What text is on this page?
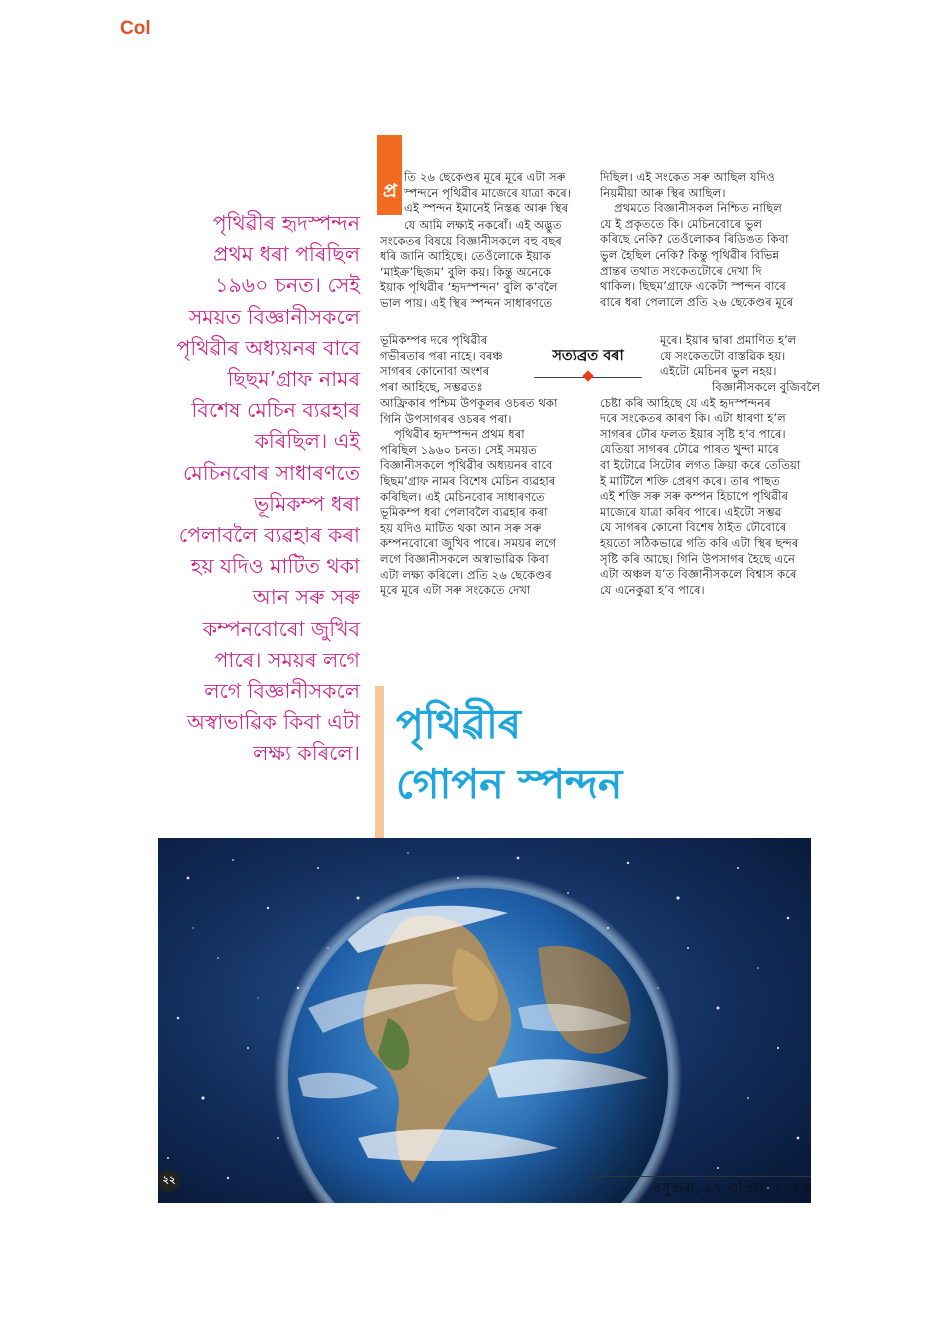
Col
পৃথিৱীৰ হৃদস্পন্দন
প্ৰথম ধৰা পৰিছিল
১৯৬০ চনত। সেই
সময়ত বিজ্ঞানীসকলে
পৃথিৱীৰ অধ্যয়নৰ বাবে
ছিছম’গ্ৰাফ নামৰ
বিশেষ মেচিন ব্যৱহাৰ
কৰিছিল। এই
মেচিনবোৰ সাধাৰণতে
ভূমিকম্প ধৰা
পেলাবলৈ ব্যৱহাৰ কৰা
হয় যদিও মাটিত থকা
আন সৰু সৰু
কম্পনবোৰো জুখিব
পাৰে। সময়ৰ লগে
লগে বিজ্ঞানীসকলে
অস্বাভাৱিক কিবা এটা
লক্ষ্য কৰিলে।
প্ৰ
তি ২৬ ছেকেণ্ডৰ মূৰে মূৰে এটা সৰু
স্পন্দনে পৃথিৱীৰ মাজেৰে যাত্ৰা কৰে।
এই স্পন্দন ইমানেই নিস্তব্ধ আৰু স্থিৰ
যে আমি লক্ষ্যই নকৰোঁ। এই অদ্ভুত
সংকেতৰ বিষয়ে বিজ্ঞানীসকলে বহু বছৰ
ধৰি জানি আহিছে। তেওঁলোকে ইয়াক
‘মাইক্ৰ’ছিজম’ বুলি কয়। কিন্তু অনেকে
ইয়াক পৃথিৱীৰ ‘হৃদস্পন্দন’ বুলি ক’বলৈ
ভাল পায়। এই স্থিৰ স্পন্দন সাধাৰণতে
ভূমিকম্পৰ দৰে পৃথিৱীৰ
গভীৰতাৰ পৰা নাহে। বৰঞ্চ
সাগৰৰ কোনোবা অংশৰ
পৰা আহিছে, সম্ভৱতঃ
আফ্ৰিকাৰ পশ্চিম উপকূলৰ ওচৰত থকা
গিনি উপসাগৰৰ ওচৰৰ পৰা।
পৃথিৱীৰ হৃদস্পন্দন প্ৰথম ধৰা
পৰিছিল ১৯৬০ চনত। সেই সময়ত
বিজ্ঞানীসকলে পৃথিৱীৰ অধ্যয়নৰ বাবে
ছিছম’গ্ৰাফ নামৰ বিশেষ মেচিন ব্যৱহাৰ
কৰিছিল। এই মেচিনবোৰ সাধাৰণতে
ভূমিকম্প ধৰা পেলাবলৈ ব্যৱহাৰ কৰা
হয় যদিও মাটিত থকা আন সৰু সৰু
কম্পনবোৰো জুখিব পাৰে। সময়ৰ লগে
লগে বিজ্ঞানীসকলে অস্বাভাৱিক কিবা
এটা লক্ষ্য কৰিলে। প্ৰতি ২৬ ছেকেণ্ডৰ
মূৰে মূৰে এটা সৰু সংকেতে দেখা
সত্যব্ৰত বৰা
দিছিল। এই সংকেত সৰু আছিল যদিও
নিয়মীয়া আৰু স্থিৰ আছিল।
প্ৰথমতে বিজ্ঞানীসকল নিশ্চিত নাছিল
যে ই প্ৰকৃততে কি। মেচিনবোৰে ভুল
কৰিছে নেকি? তেওঁলোকৰ ৰিডিঙত কিবা
ভুল হৈছিল নেকি? কিন্তু পৃথিৱীৰ বিভিন্ন
প্ৰান্তৰ তথাত সংকেতটোৰে দেখা দি
থাকিল। ছিছম’গ্ৰাফে একেটা স্পন্দন বাৰে
বাৰে ধৰা পেলালে প্ৰতি ২৬ ছেকেণ্ডৰ মূৰে
মূৰে। ইয়াৰ দ্বাৰা প্ৰমাণিত হ’ল
যে সংকেতটো বাস্তৱিক হয়।
এইটো মেচিনৰ ভুল নহয়।
বিজ্ঞানীসকলে বুজিবলৈ
চেষ্টা কৰি আহিছে যে এই হৃদস্পন্দনৰ
দৰে সংকেতৰ কাৰণ কি। এটা ধাৰণা হ’ল
সাগৰৰ ঢৌৰ ফলত ইয়াৰ সৃষ্টি হ’ব পাৰে।
যেতিয়া সাগৰৰ ঢৌৱে পাৰত খুন্দা মাৰে
বা ইটোৱে সিটোৰ লগত ক্ৰিয়া কৰে তেতিয়া
ই মাটিলৈ শক্তি প্ৰেৰণ কৰে। তাৰ পাছত
এই শক্তি সৰু সৰু কম্পন হিচাপে পৃথিৱীৰ
মাজেৰে যাত্ৰা কৰিব পাৰে। এইটো সম্ভৱ
যে সাগৰৰ কোনো বিশেষ ঠাইত ঢৌবোৰে
হয়তো সঠিকভাৱে গতি কৰি এটা স্থিৰ ছন্দৰ
সৃষ্টি কৰি আছে। গিনি উপসাগৰ হৈছে এনে
এটা অঞ্চল য’ত বিজ্ঞানীসকলে বিশ্বাস কৰে
যে এনেকুৱা হ’ব পাৰে।
পৃথিৱীৰ
গোপন স্পন্দন
২২
বসুন্ধৰা, ২৭ এপ্ৰিল, ২০২৫
